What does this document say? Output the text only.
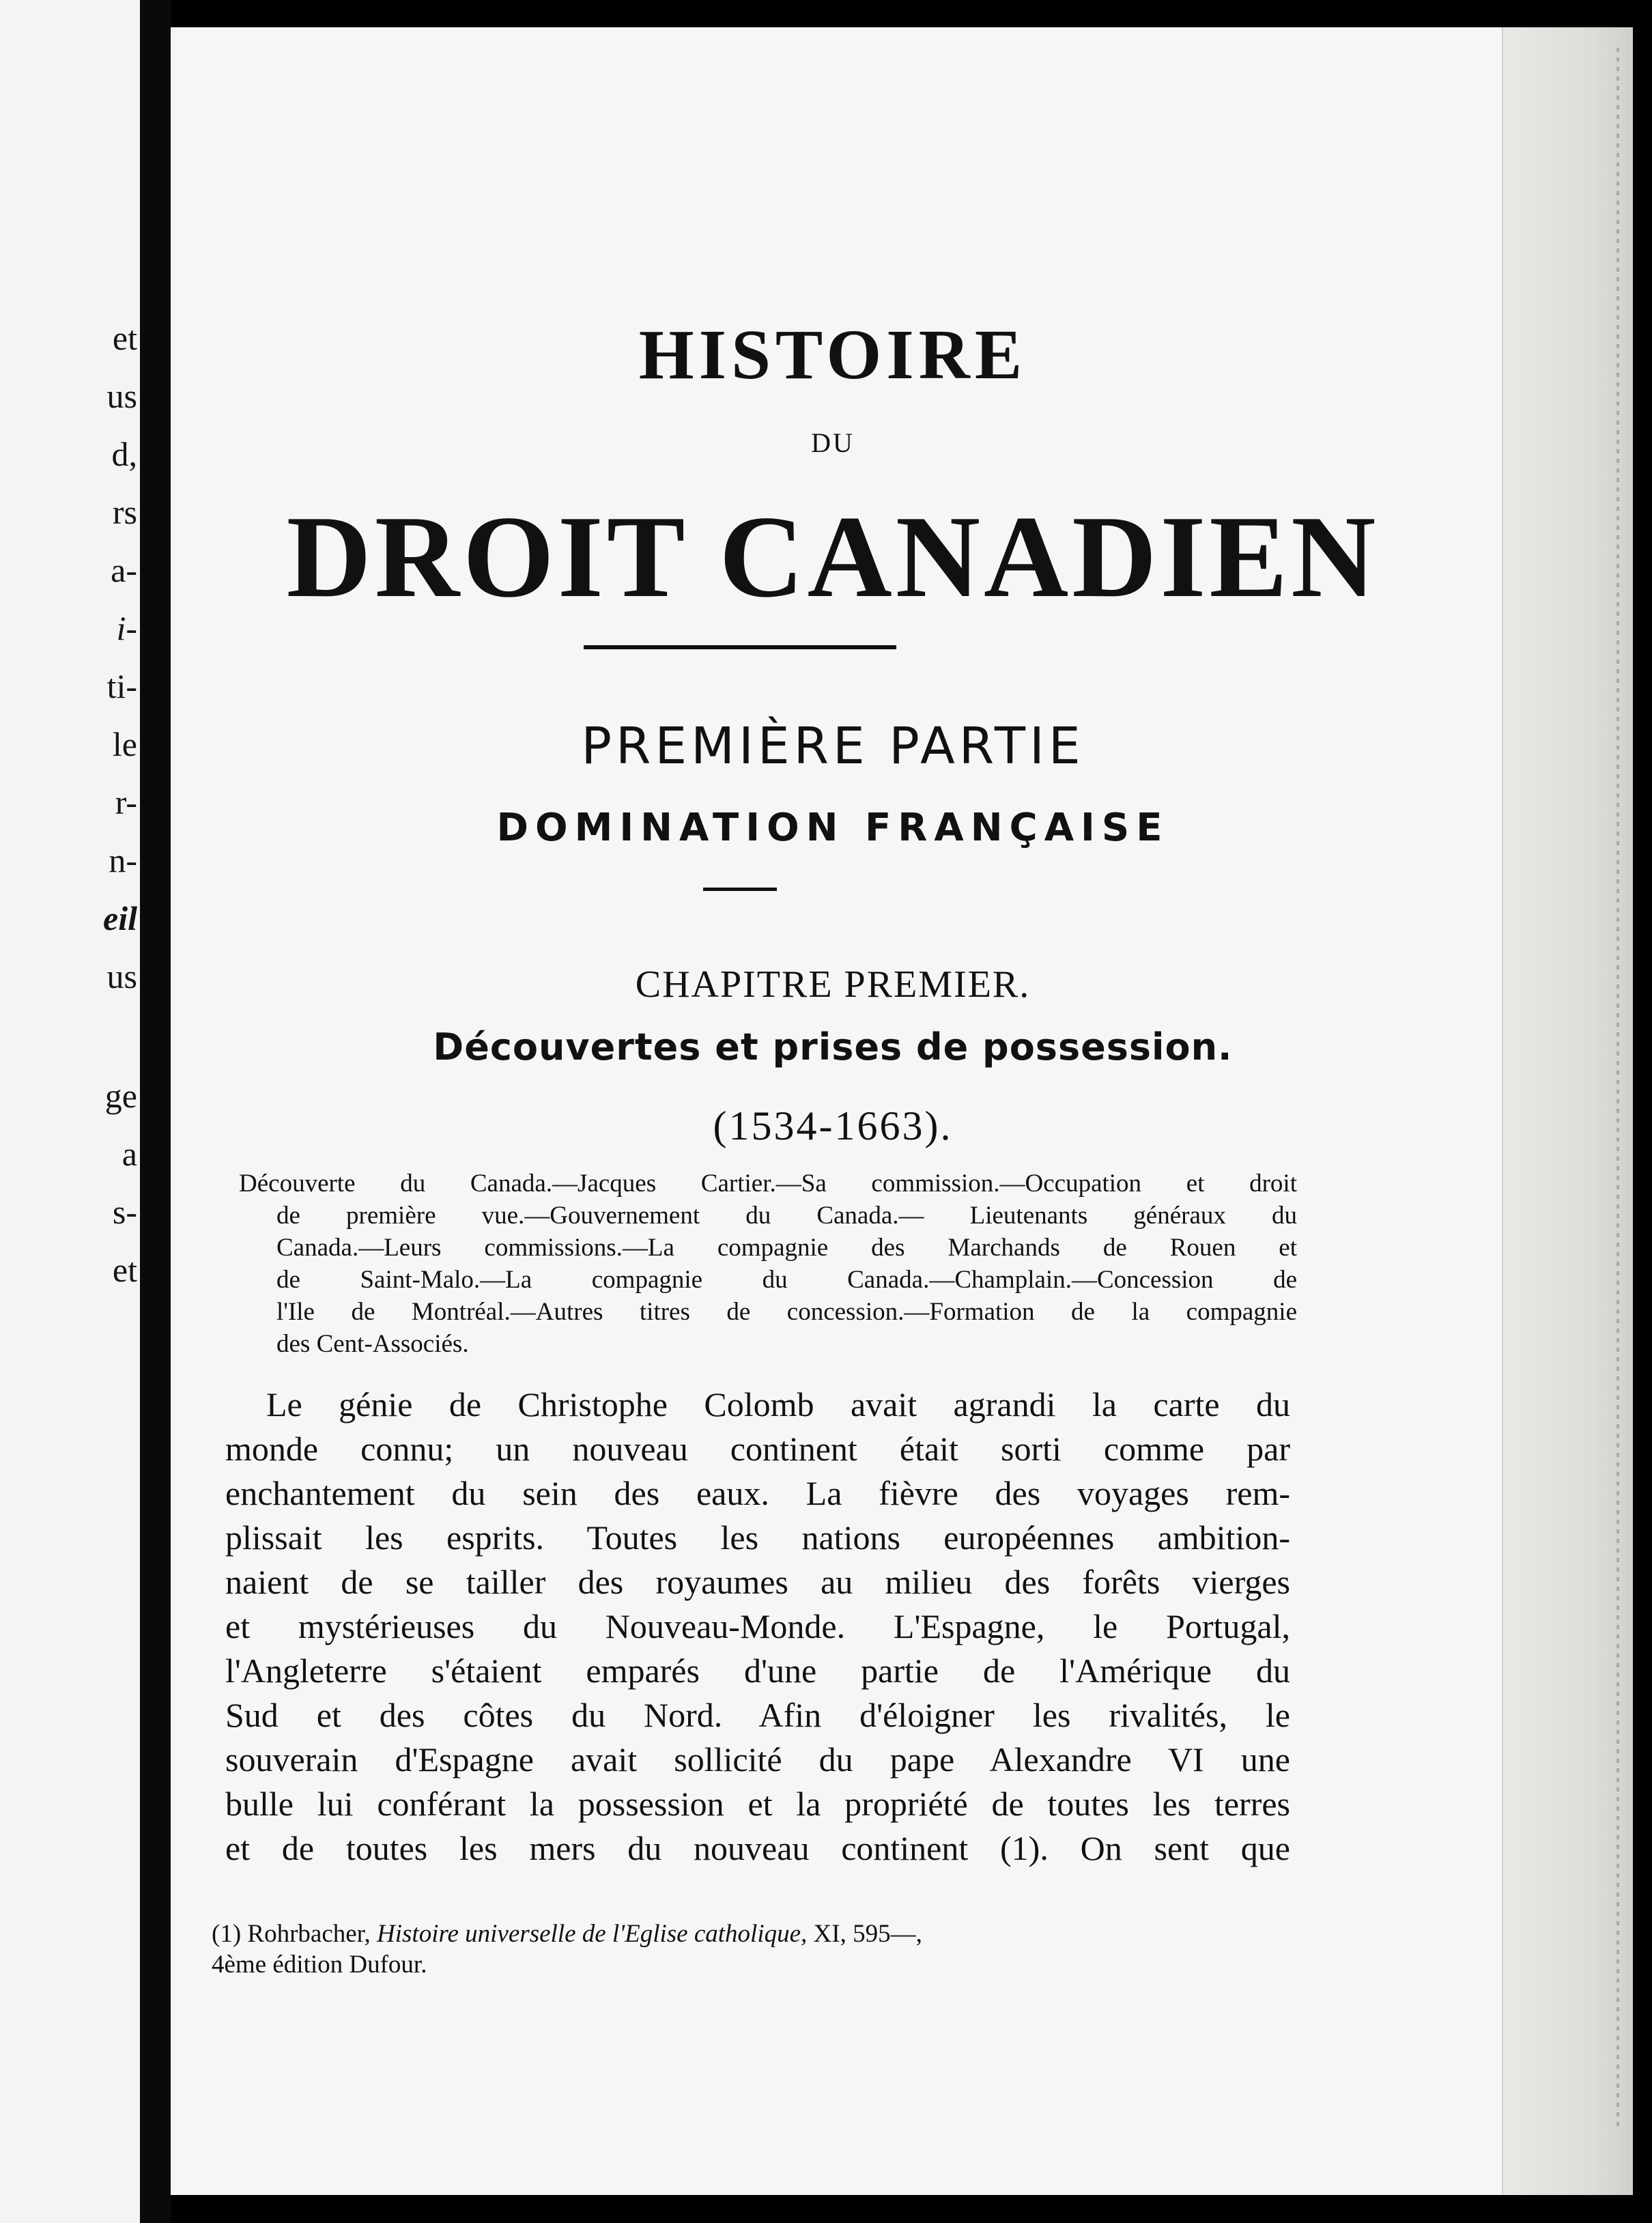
et
us
d,
rs
a-
i-
ti-
le
r-
n-
eil
us
ge
a
s-
et
HISTOIRE
DU
DROIT CANADIEN
PREMIÈRE PARTIE
DOMINATION FRANÇAISE
CHAPITRE PREMIER.
Découvertes et prises de possession.
(1534-1663).
Découverte du Canada.—Jacques Cartier.—Sa commission.—Occupation et droit
de première vue.—Gouvernement du Canada.— Lieutenants généraux du
Canada.—Leurs commissions.—La compagnie des Marchands de Rouen et
de Saint-Malo.—La compagnie du Canada.—Champlain.—Concession de
l'Ile de Montréal.—Autres titres de concession.—Formation de la compagnie
des Cent-Associés.
Le génie de Christophe Colomb avait agrandi la carte du
monde connu; un nouveau continent était sorti comme par
enchantement du sein des eaux. La fièvre des voyages rem-
plissait les esprits. Toutes les nations européennes ambition-
naient de se tailler des royaumes au milieu des forêts vierges
et mystérieuses du Nouveau-Monde. L'Espagne, le Portugal,
l'Angleterre s'étaient emparés d'une partie de l'Amérique du
Sud et des côtes du Nord. Afin d'éloigner les rivalités, le
souverain d'Espagne avait sollicité du pape Alexandre VI une
bulle lui conférant la possession et la propriété de toutes les terres
et de toutes les mers du nouveau continent (1). On sent que
(1) Rohrbacher, Histoire universelle de l'Eglise catholique, XI, 595—,
4ème édition Dufour.
